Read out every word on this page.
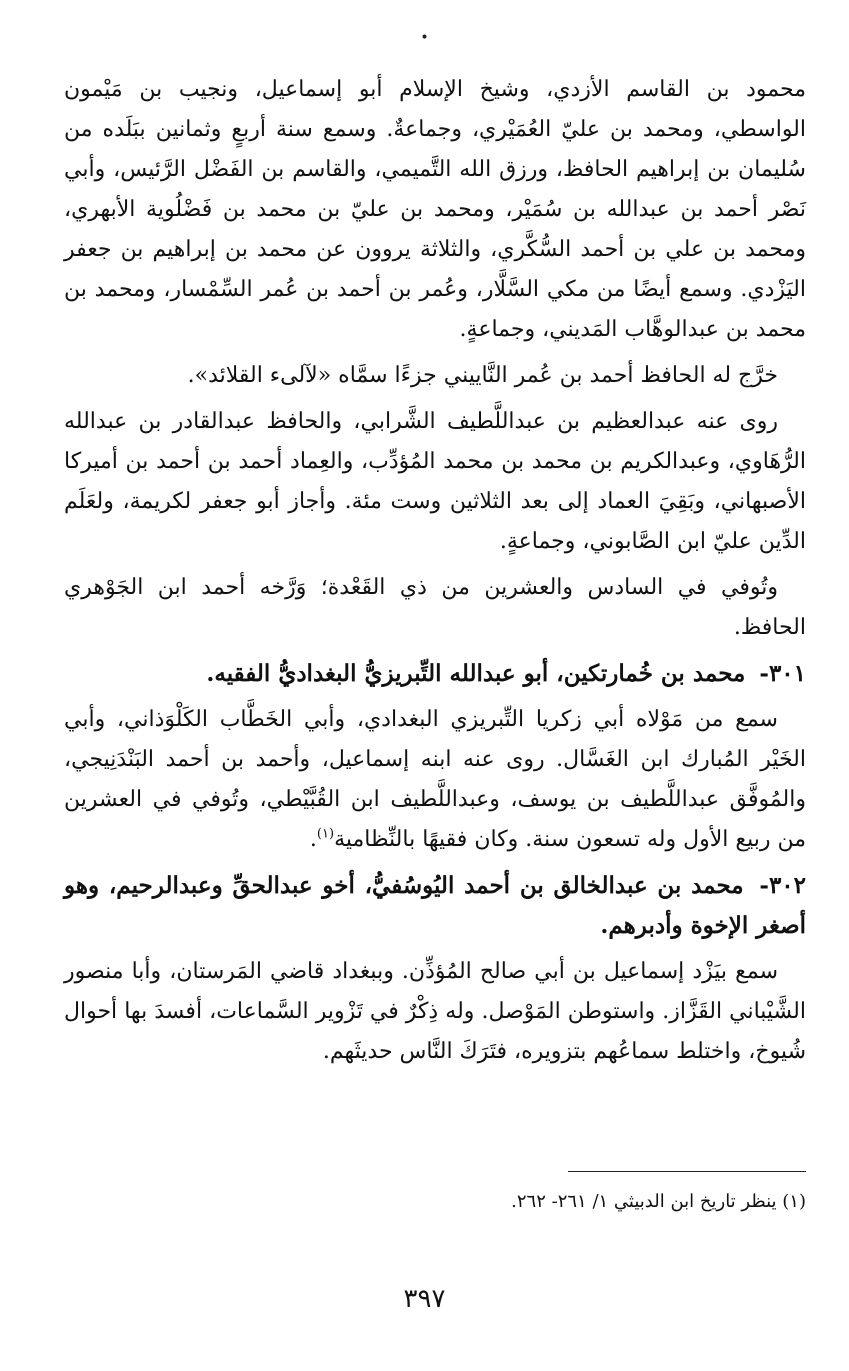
•

محمود بن القاسم الأزدي، وشيخ الإسلام أبو إسماعيل، ونجيب بن مَيْمون الواسطي، ومحمد بن عليّ العُمَيْري، وجماعةٌ. وسمع سنة أربعٍ وثمانين ببَلَده من سُليمان بن إبراهيم الحافظ، ورزق الله التَّميمي، والقاسم بن الفَضْل الرَّئيس، وأبي نَصْر أحمد بن عبدالله بن سُمَيْر، ومحمد بن عليّ بن محمد بن فَضْلُوية الأبهري، ومحمد بن علي بن أحمد السُّكَّري، والثلاثة يروون عن محمد بن إبراهيم بن جعفر اليَزْدي. وسمع أيضًا من مكي السَّلَّار، وعُمر بن أحمد بن عُمر السِّمْسار، ومحمد بن محمد بن عبدالوهَّاب المَديني، وجماعةٍ.

خرَّج له الحافظ أحمد بن عُمر النَّاييني جزءًا سمَّاه «لآلىء القلائد».

روى عنه عبدالعظيم بن عبداللَّطيف الشَّرابي، والحافظ عبدالقادر بن عبدالله الرُّهَاوي، وعبدالكريم بن محمد بن محمد المُؤدِّب، والعِماد أحمد بن أحمد بن أميركا الأصبهاني، وبَقِيَ العماد إلى بعد الثلاثين وست مئة. وأجاز أبو جعفر لكريمة، ولعَلَم الدِّين عليّ ابن الصَّابوني، وجماعةٍ.

وتُوفي في السادس والعشرين من ذي القَعْدة؛ وَرَّخه أحمد ابن الجَوْهري الحافظ.

٣٠١- محمد بن خُمارتكين، أبو عبدالله التِّبريزيُّ البغداديُّ الفقيه.

سمع من مَوْلاه أبي زكريا التِّبريزي البغدادي، وأبي الخَطَّاب الكَلْوَذاني، وأبي الخَيْر المُبارك ابن الغَسَّال. روى عنه ابنه إسماعيل، وأحمد بن أحمد البَنْدَنِيجي، والمُوفَّق عبداللَّطيف بن يوسف، وعبداللَّطيف ابن القُبَّيْطي، وتُوفي في العشرين من ربيع الأول وله تسعون سنة. وكان فقيهًا بالنِّظامية$^{(١)}$.

٣٠٢- محمد بن عبدالخالق بن أحمد اليُوسُفيُّ، أخو عبدالحقِّ وعبدالرحيم، وهو أصغر الإخوة وأدبرهم.

سمع بيَزْد إسماعيل بن أبي صالح المُؤذِّن. وببغداد قاضي المَرستان، وأبا منصور الشَّيْباني القَزَّاز. واستوطن المَوْصل. وله ذِكْرٌ في تَزْوير السَّماعات، أفسدَ بها أحوال شُيوخ، واختلط سماعُهم بتزويره، فتَرَكَ النَّاس حديثَهم.

(١) ينظر تاريخ ابن الدبيثي ١/ ٢٦١- ٢٦٢.
٣٩٧
